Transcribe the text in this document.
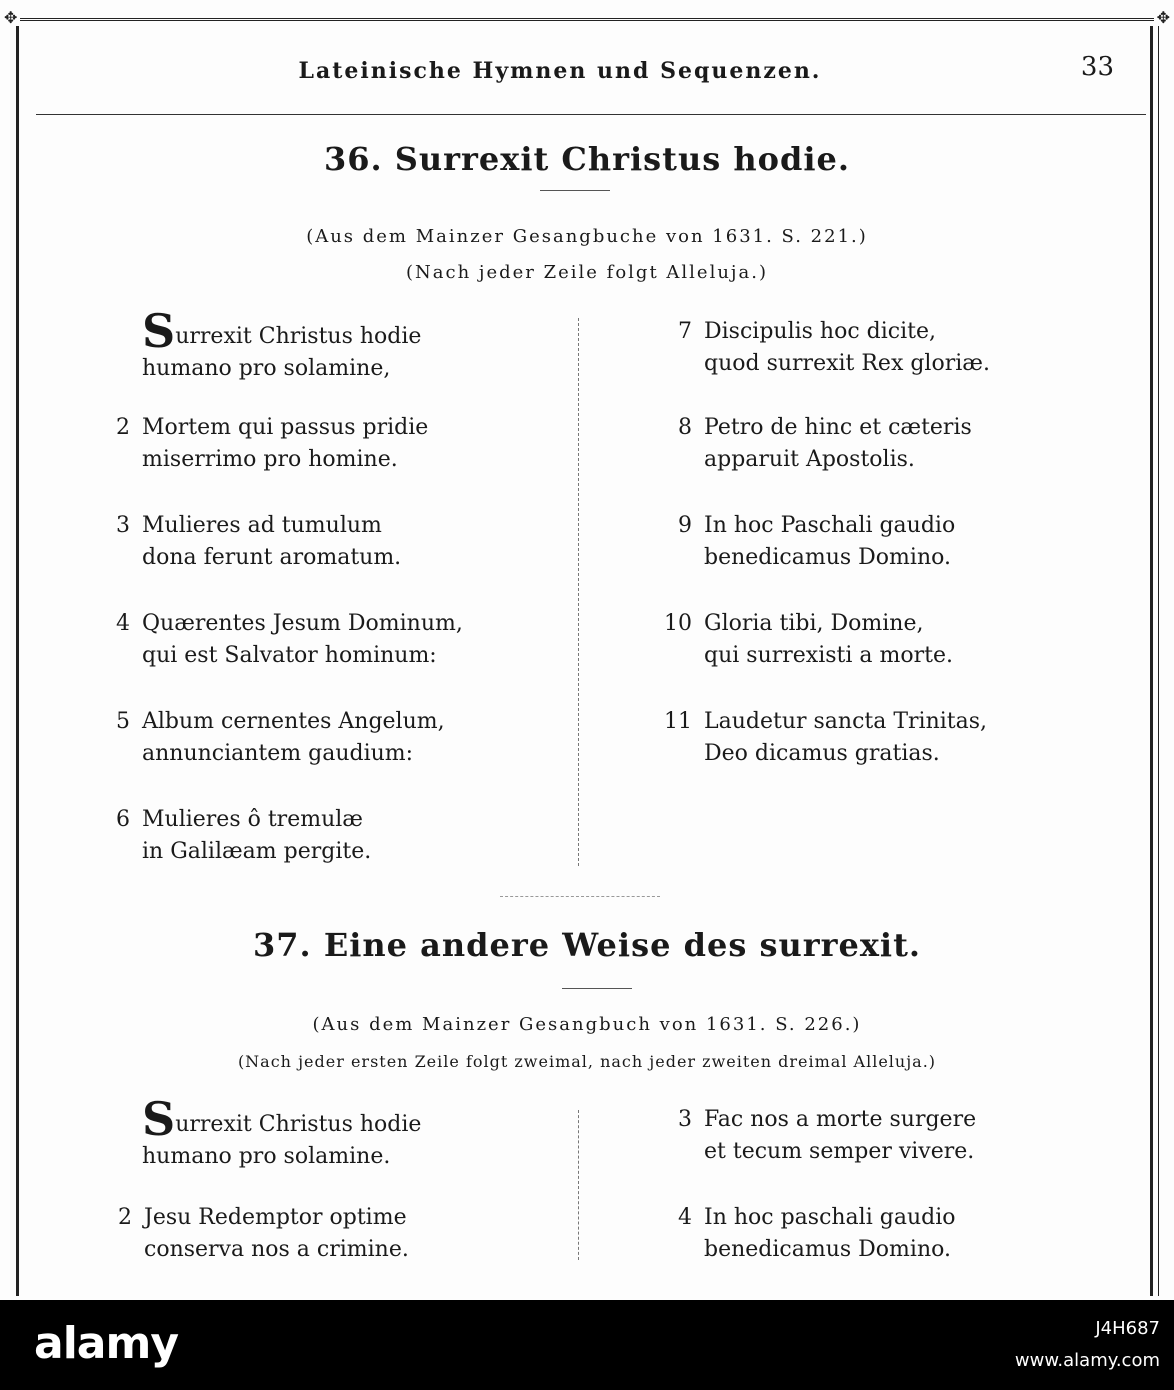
✥	✥
Lateinische Hymnen und Sequenzen.	33
36. Surrexit Christus hodie.
(Aus dem Mainzer Gesangbuche von 1631. S. 221.)
(Nach jeder Zeile folgt Alleluja.)
Surrexit Christus hodie
humano pro solamine,
2 Mortem qui passus pridie
miserrimo pro homine.
3 Mulieres ad tumulum
dona ferunt aromatum.
4 Quærentes Jesum Dominum,
qui est Salvator hominum:
5 Album cernentes Angelum,
annunciantem gaudium:
6 Mulieres ô tremulæ
in Galilæam pergite.
7 Discipulis hoc dicite,
quod surrexit Rex gloriæ.
8 Petro de hinc et cæteris
apparuit Apostolis.
9 In hoc Paschali gaudio
benedicamus Domino.
10 Gloria tibi, Domine,
qui surrexisti a morte.
11 Laudetur sancta Trinitas,
Deo dicamus gratias.
37. Eine andere Weise des surrexit.
(Aus dem Mainzer Gesangbuch von 1631. S. 226.)
(Nach jeder ersten Zeile folgt zweimal, nach jeder zweiten dreimal Alleluja.)
Surrexit Christus hodie
humano pro solamine.
2 Jesu Redemptor optime
conserva nos a crimine.
3 Fac nos a morte surgere
et tecum semper vivere.
4 In hoc paschali gaudio
benedicamus Domino.
alamy	J4H687
www.alamy.com
